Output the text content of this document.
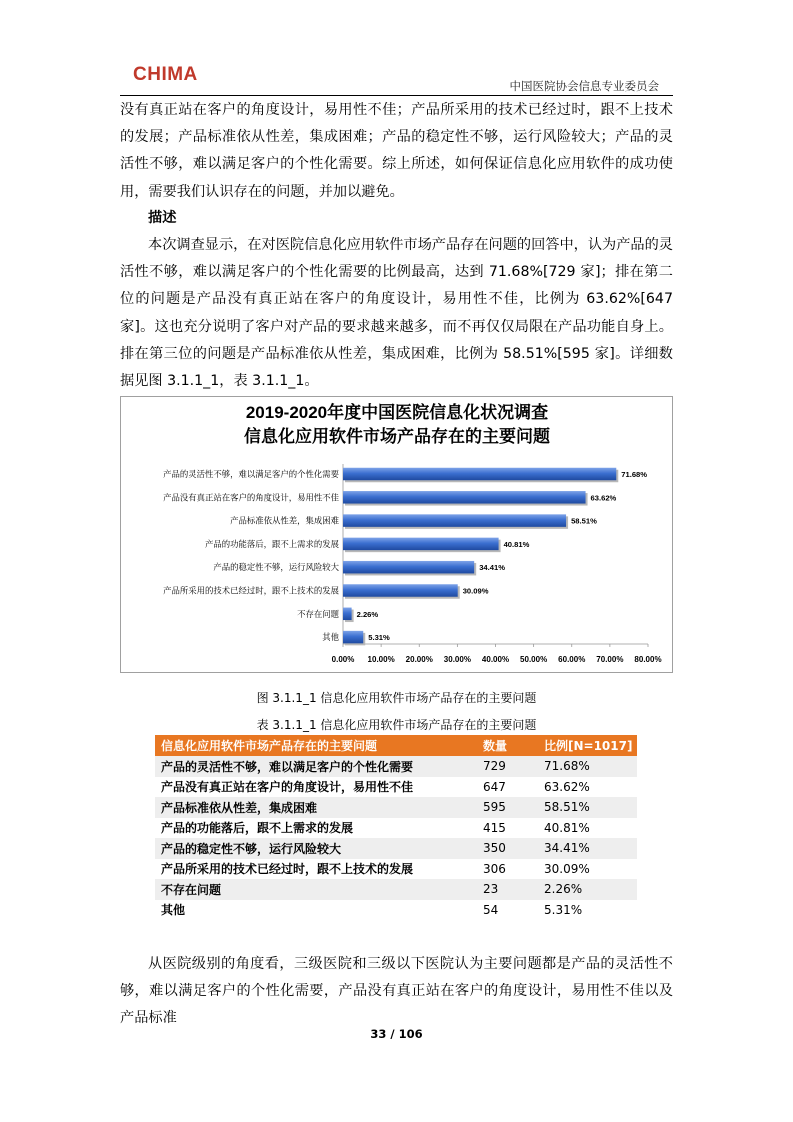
CHIMA
中国医院协会信息专业委员会

没有真正站在客户的角度设计，易用性不佳；产品所采用的技术已经过时，跟不上技术的发展；产品标准依从性差，集成困难；产品的稳定性不够，运行风险较大；产品的灵活性不够，难以满足客户的个性化需要。综上所述，如何保证信息化应用软件的成功使用，需要我们认识存在的问题，并加以避免。

描述

本次调查显示，在对医院信息化应用软件市场产品存在问题的回答中，认为产品的灵活性不够，难以满足客户的个性化需要的比例最高，达到 71.68%[729 家]；排在第二位的问题是产品没有真正站在客户的角度设计，易用性不佳，比例为 63.62%[647 家]。这也充分说明了客户对产品的要求越来越多，而不再仅仅局限在产品功能自身上。排在第三位的问题是产品标准依从性差，集成困难，比例为 58.51%[595 家]。详细数据见图 3.1.1_1，表 3.1.1_1。

2019-2020年度中国医院信息化状况调查
信息化应用软件市场产品存在的主要问题
产品的灵活性不够，难以满足客户的个性化需要	71.68%
产品没有真正站在客户的角度设计，易用性不佳	63.62%
产品标准依从性差，集成困难	58.51%
产品的功能落后，跟不上需求的发展	40.81%
产品的稳定性不够，运行风险较大	34.41%
产品所采用的技术已经过时，跟不上技术的发展	30.09%
不存在问题 2.26%
其他	5.31%
0.00% 10.00% 20.00% 30.00% 40.00% 50.00% 60.00% 70.00% 80.00%
图 3.1.1_1 信息化应用软件市场产品存在的主要问题
表 3.1.1_1 信息化应用软件市场产品存在的主要问题
信息化应用软件市场产品存在的主要问题	数量	比例[N=1017]
产品的灵活性不够，难以满足客户的个性化需要	729	71.68%
产品没有真正站在客户的角度设计，易用性不佳	647	63.62%
产品标准依从性差，集成困难	595	58.51%
产品的功能落后，跟不上需求的发展	415	40.81%
产品的稳定性不够，运行风险较大	350	34.41%
产品所采用的技术已经过时，跟不上技术的发展	306	30.09%
不存在问题	23	2.26%
其他	54	5.31%

从医院级别的角度看，三级医院和三级以下医院认为主要问题都是产品的灵活性不够，难以满足客户的个性化需要，产品没有真正站在客户的角度设计，易用性不佳以及产品标准

33 / 106
